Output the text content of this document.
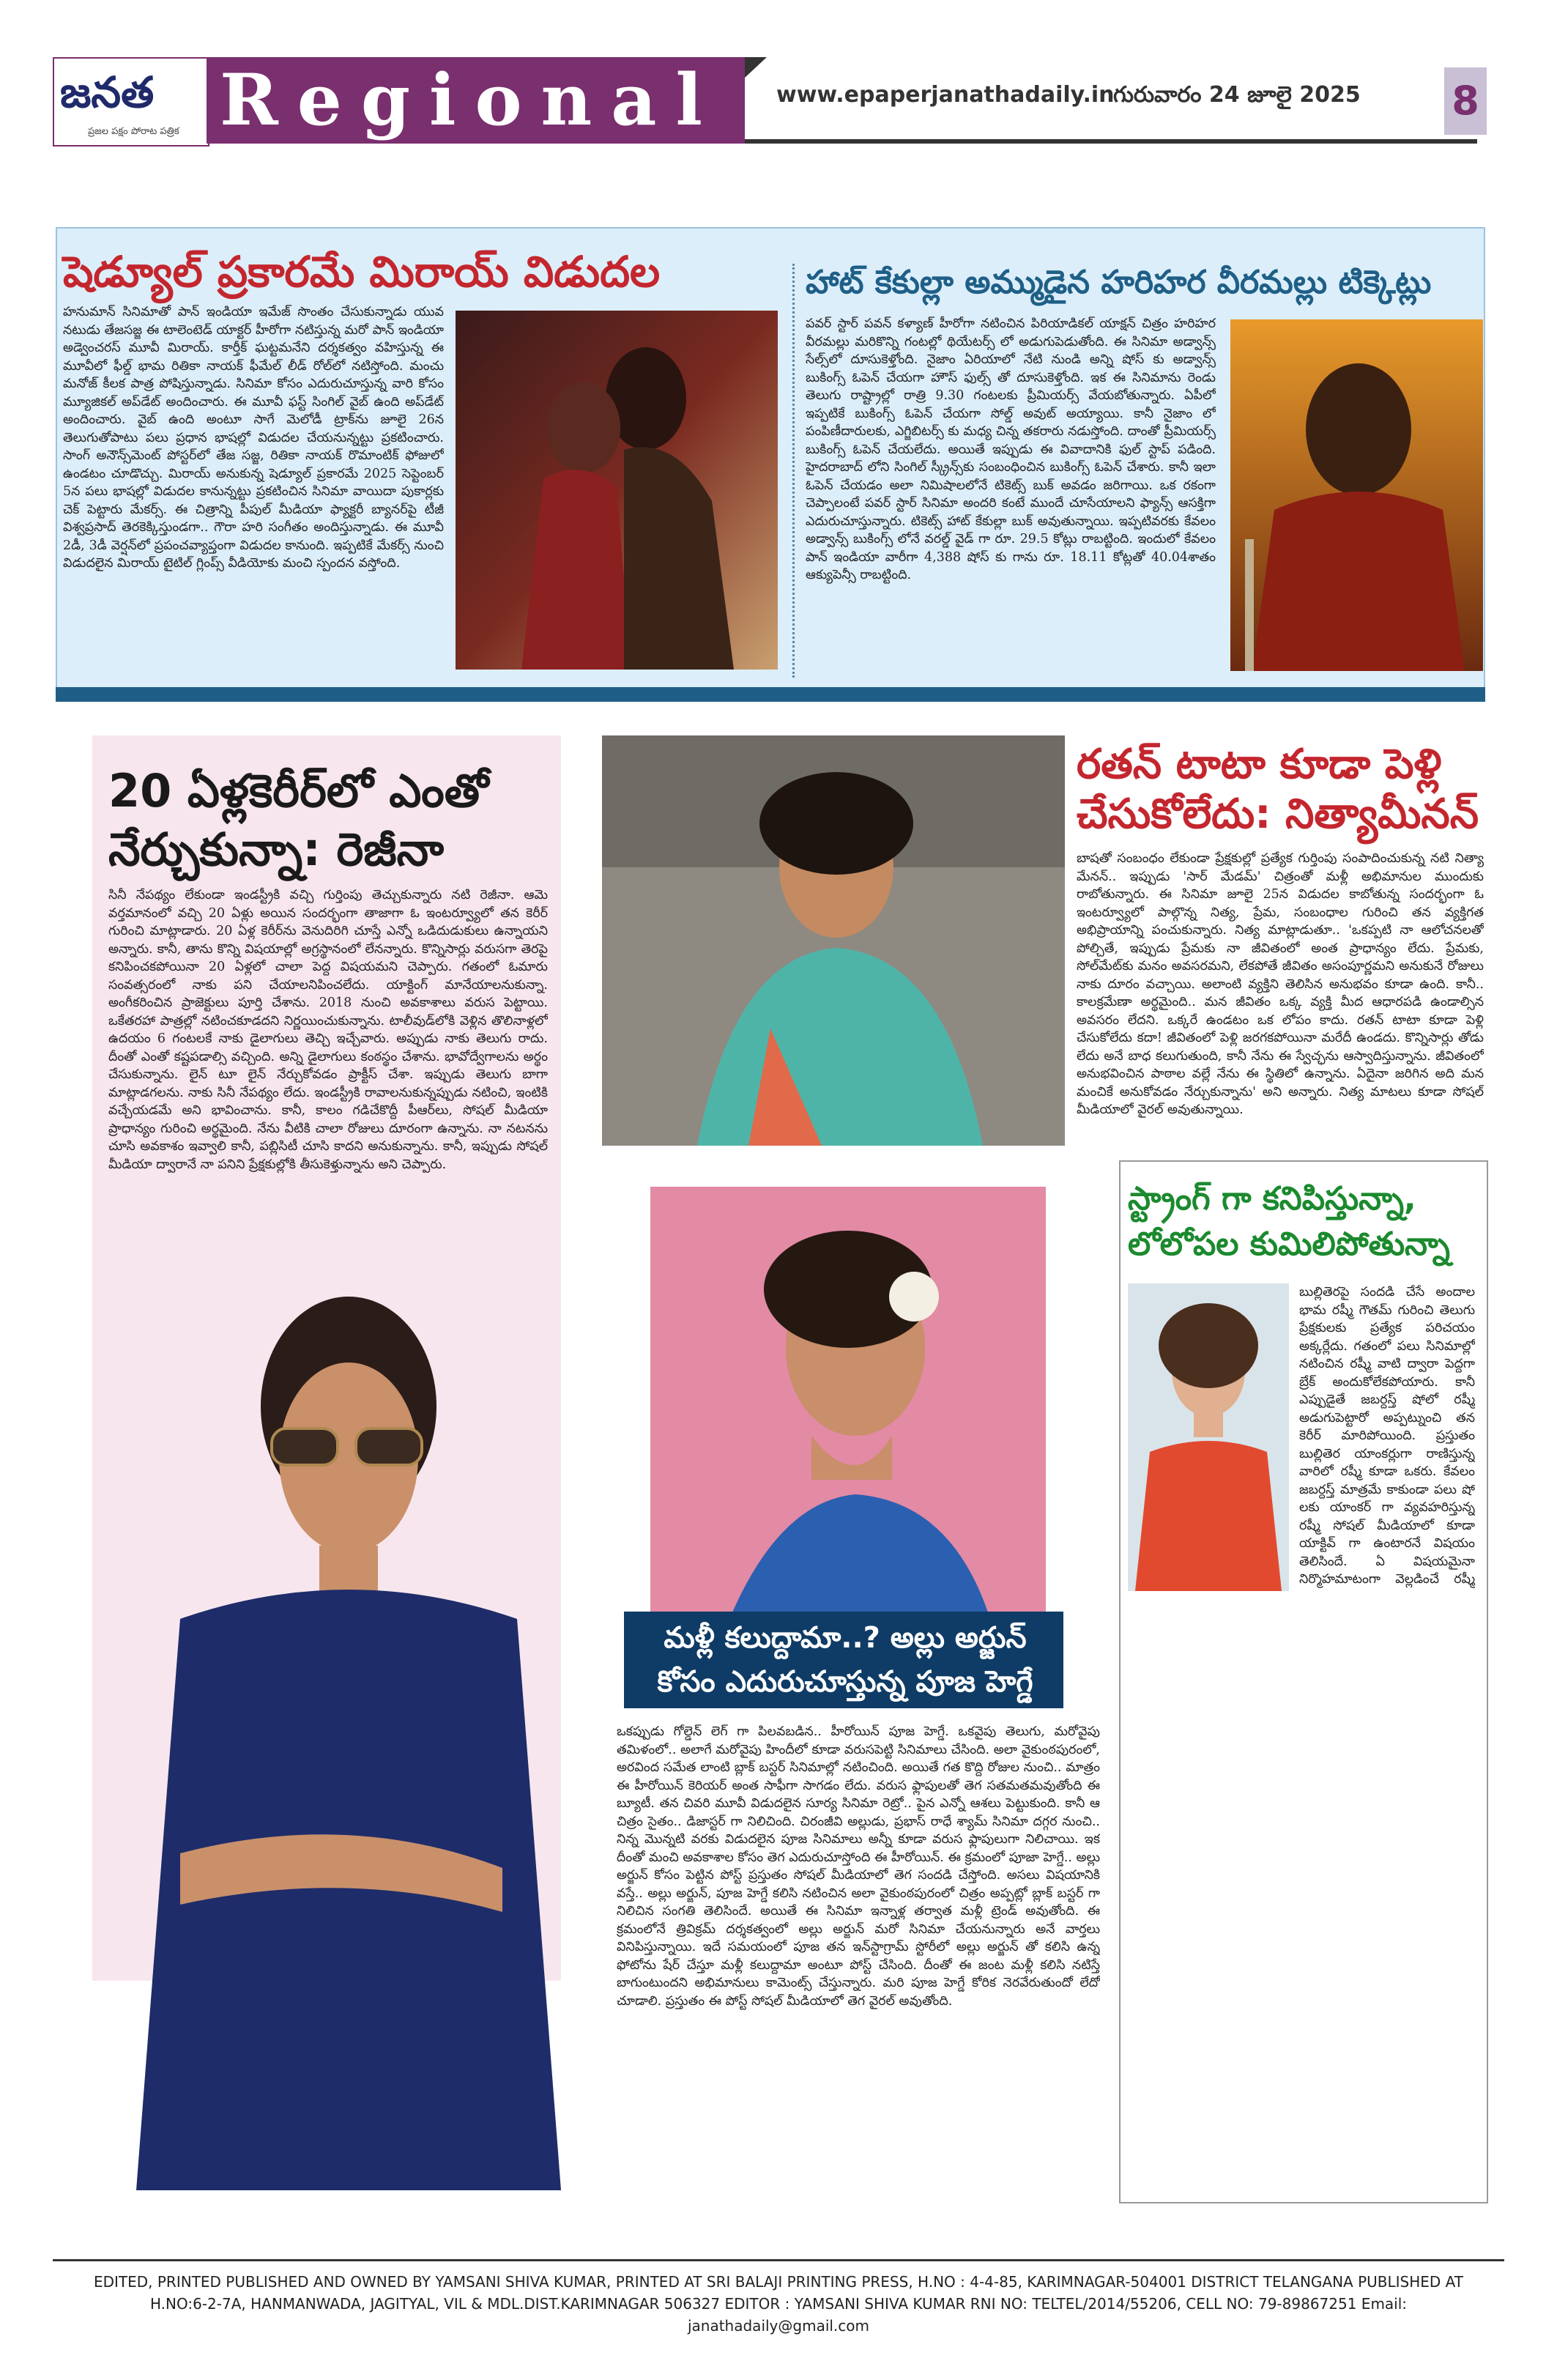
జనత
ప్రజల పక్షం పోరాట పత్రిక Regional	www.epaperjanathadaily.in
గురువారం 24 జూలై 2025 8
షెడ్యూల్ ప్రకారమే మిరాయ్ విడుదల
హనుమాన్ సినిమాతో పాన్ ఇండియా ఇమేజ్ సొంతం చేసుకున్నాడు యువ నటుడు తేజసజ్జ ఈ టాలెంటెడ్ యాక్టర్ హీరోగా నటిస్తున్న మరో పాన్ ఇండియా అడ్వెంచరస్ మూవీ మిరాయ్. కార్తీక్ ఘట్టమనేని దర్శకత్వం వహిస్తున్న ఈ మూవీలో ఫీల్డ్ భామ రితికా నాయక్ ఫీమేల్ లీడ్ రోల్‌లో నటిస్తోంది. మంచు మనోజ్ కీలక పాత్ర పోషిస్తున్నాడు. సినిమా కోసం ఎదురుచూస్తున్న వారి కోసం మ్యూజికల్ అప్‌డేట్ అందించారు. ఈ మూవీ ఫస్ట్ సింగిల్ వైబ్ ఉంది అప్‌డేట్ అందించారు. వైబ్ ఉంది అంటూ సాగే మెలోడీ ట్రాక్‌ను జూలై 26న తెలుగుతోపాటు పలు ప్రధాన భాషల్లో విడుదల చేయనున్నట్టు ప్రకటించారు. సాంగ్ అనౌన్స్‌మెంట్ పోస్టర్‌లో తేజ సజ్జ, రితికా నాయక్ రొమాంటిక్ ఫోజులో ఉండటం చూడొచ్చు. మిరాయ్ అనుకున్న షెడ్యూల్ ప్రకారమే 2025 సెప్టెంబర్ 5న పలు భాషల్లో విడుదల కానున్నట్టు ప్రకటించిన సినిమా వాయిదా పుకార్లకు చెక్ పెట్టారు మేకర్స్. ఈ చిత్రాన్ని పీపుల్ మీడియా ఫ్యాక్టరీ బ్యానర్‌పై టీజీ విశ్వప్రసాద్ తెరకెక్కిస్తుండగా.. గౌరా హరి సంగీతం అందిస్తున్నాడు. ఈ మూవీ 2డీ, 3డీ వెర్షన్‌లో ప్రపంచవ్యాప్తంగా విడుదల కానుంది. ఇప్పటికే మేకర్స్ నుంచి విడుదలైన మిరాయ్ టైటిల్ గ్లింప్స్ వీడియోకు మంచి స్పందన వస్తోంది.
హాట్ కేకుల్లా అమ్ముడైన హరిహర వీరమల్లు టిక్కెట్లు
పవర్ స్టార్ పవన్ కళ్యాణ్ హీరోగా నటించిన పిరియాడికల్ యాక్షన్ చిత్రం హరిహర వీరమల్లు మరికొన్ని గంటల్లో థియేటర్స్ లో అడుగుపెడుతోంది. ఈ సినిమా అడ్వాన్స్ సేల్స్‌లో దూసుకెళ్తోంది. నైజాం ఏరియాలో నేటి నుండి అన్ని షోస్ కు అడ్వాన్స్ బుకింగ్స్ ఓపెన్ చేయగా హౌస్ ఫుల్స్ తో దూసుకెళ్తోంది. ఇక ఈ సినిమాను రెండు తెలుగు రాష్ట్రాల్లో రాత్రి 9.30 గంటలకు ప్రీమియర్స్ వేయబోతున్నారు. ఏపీలో ఇప్పటికే బుకింగ్స్ ఓపెన్ చేయగా సోల్డ్ అవుట్ అయ్యాయి. కానీ నైజాం లో పంపిణీదారులకు, ఎగ్జిబిటర్స్ కు మధ్య చిన్న తకరారు నడుస్తోంది. దాంతో ప్రీమియర్స్ బుకింగ్స్ ఓపెన్ చేయలేదు. అయితే ఇప్పుడు ఈ వివాదానికి ఫుల్ స్టాప్ పడింది. హైదరాబాద్ లోని సింగిల్ స్క్రీన్స్‌కు సంబంధించిన బుకింగ్స్ ఓపెన్ చేశారు. కానీ ఇలా ఓపెన్ చేయడం అలా నిమిషాలలోనే టికెట్స్ బుక్ అవడం జరిగాయి. ఒక రకంగా చెప్పాలంటే పవర్ స్టార్ సినిమా అందరి కంటే ముందే చూసేయాలని ఫ్యాన్స్ ఆసక్తిగా ఎదురుచూస్తున్నారు. టికెట్స్ హాట్ కేకుల్లా బుక్ అవుతున్నాయి. ఇప్పటివరకు కేవలం అడ్వాన్స్ బుకింగ్స్ లోనే వరల్డ్ వైడ్ గా రూ. 29.5 కోట్లు రాబట్టింది. ఇందులో కేవలం పాన్ ఇండియా వారీగా 4,388 షోస్ కు గాను రూ. 18.11 కోట్లతో 40.04శాతం ఆక్యుపెన్సీ రాబట్టింది.
20 ఏళ్లకెరీర్‌లో ఎంతో నేర్చుకున్నా: రెజీనా
సినీ నేపథ్యం లేకుండా ఇండస్ట్రీకి వచ్చి గుర్తింపు తెచ్చుకున్నారు నటి రెజీనా. ఆమె వర్తమానంలో వచ్చి 20 ఏళ్లు అయిన సందర్భంగా తాజాగా ఓ ఇంటర్వ్యూలో తన కెరీర్ గురించి మాట్లాడారు. 20 ఏళ్ల కెరీర్‌ను వెనుదిరిగి చూస్తే ఎన్నో ఒడిదుడుకులు ఉన్నాయని అన్నారు. కానీ, తాను కొన్ని విషయాల్లో అగ్రస్థానంలో లేనన్నారు. కొన్నిసార్లు వరుసగా తెరపై కనిపించకపోయినా 20 ఏళ్లలో చాలా పెద్ద విషయమని చెప్పారు. గతంలో ఓమారు సంవత్సరంలో నాకు పని చేయాలనిపించలేదు. యాక్టింగ్ మానేయాలనుకున్నా. అంగీకరించిన ప్రాజెక్టులు పూర్తి చేశాను. 2018 నుంచి అవకాశాలు వరుస పెట్టాయి. ఒకేతరహా పాత్రల్లో నటించకూడదని నిర్ణయించుకున్నాను. టాలీవుడ్‌లోకి వెళ్లిన తొలినాళ్లలో ఉదయం 6 గంటలకే నాకు డైలాగులు తెచ్చి ఇచ్చేవారు. అప్పుడు నాకు తెలుగు రాదు. దీంతో ఎంతో కష్టపడాల్సి వచ్చింది. అన్ని డైలాగులు కంఠస్థం చేశాను. భావోద్వేగాలను అర్థం చేసుకున్నాను. లైన్ టూ లైన్ నేర్చుకోవడం ప్రాక్టీస్ చేశా. ఇప్పుడు తెలుగు బాగా మాట్లాడగలను. నాకు సినీ నేపథ్యం లేదు. ఇండస్ట్రీకి రావాలనుకున్నప్పుడు నటించి, ఇంటికి వచ్చేయడమే అని భావించాను. కానీ, కాలం గడిచేకొద్దీ పీఆర్‌లు, సోషల్ మీడియా ప్రాధాన్యం గురించి అర్థమైంది. నేను వీటికి చాలా రోజులు దూరంగా ఉన్నాను. నా నటనను చూసి అవకాశం ఇవ్వాలి కానీ, పబ్లిసిటీ చూసి కాదని అనుకున్నాను. కానీ, ఇప్పుడు సోషల్ మీడియా ద్వారానే నా పనిని ప్రేక్షకుల్లోకి తీసుకెళ్తున్నాను అని చెప్పారు.
రతన్ టాటా కూడా పెళ్లి చేసుకోలేదు: నిత్యామీనన్
బాషతో సంబంధం లేకుండా ప్రేక్షకుల్లో ప్రత్యేక గుర్తింపు సంపాదించుకున్న నటి నిత్యా మేనన్.. ఇప్పుడు 'సార్ మేడమ్' చిత్రంతో మళ్లీ అభిమానుల ముందుకు రాబోతున్నారు. ఈ సినిమా జూలై 25న విడుదల కాబోతున్న సందర్భంగా ఓ ఇంటర్వ్యూలో పాల్గొన్న నిత్య, ప్రేమ, సంబంధాల గురించి తన వ్యక్తిగత అభిప్రాయాన్ని పంచుకున్నారు. నిత్య మాట్లాడుతూ.. 'ఒకప్పటి నా ఆలోచనలతో పోల్చితే, ఇప్పుడు ప్రేమకు నా జీవితంలో అంత ప్రాధాన్యం లేదు. ప్రేమకు, సోల్‌మేట్‌కు మనం అవసరమని, లేకపోతే జీవితం అసంపూర్ణమని అనుకునే రోజులు నాకు దూరం వచ్చాయి. అలాంటి వ్యక్తిని తెలిసిన అనుభవం కూడా ఉంది. కానీ.. కాలక్రమేణా అర్థమైంది.. మన జీవితం ఒక్క వ్యక్తి మీద ఆధారపడి ఉండాల్సిన అవసరం లేదని. ఒక్కరే ఉండటం ఒక లోపం కాదు. రతన్ టాటా కూడా పెళ్లి చేసుకోలేదు కదా! జీవితంలో పెళ్లి జరగకపోయినా మరేదీ ఉండదు. కొన్నిసార్లు తోడు లేదు అనే బాధ కలుగుతుంది, కానీ నేను ఈ స్వేచ్ఛను ఆస్వాదిస్తున్నాను. జీవితంలో అనుభవించిన పాఠాల వల్లే నేను ఈ స్థితిలో ఉన్నాను. ఏదైనా జరిగిన అది మన మంచికే అనుకోవడం నేర్చుకున్నాను' అని అన్నారు. నిత్య మాటలు కూడా సోషల్ మీడియాలో వైరల్ అవుతున్నాయి.
మళ్లీ కలుద్దామా..? అల్లు అర్జున్ కోసం ఎదురుచూస్తున్న పూజ హెగ్డే
ఒకప్పుడు గోల్డెన్ లెగ్ గా పిలవబడిన.. హీరోయిన్ పూజ హెగ్డే. ఒకవైపు తెలుగు, మరోవైపు తమిళంలో.. అలాగే మరోవైపు హిందీలో కూడా వరుసపెట్టి సినిమాలు చేసింది. అలా వైకుంఠపురంలో, అరవింద సమేత లాంటి బ్లాక్ బస్టర్ సినిమాల్లో నటించింది. అయితే గత కొద్ది రోజుల నుంచి.. మాత్రం ఈ హీరోయిన్ కెరియర్ అంత సాఫీగా సాగడం లేదు. వరుస ఫ్లాపులతో తెగ సతమతమవుతోంది ఈ బ్యూటీ. తన చివరి మూవీ విడుదలైన సూర్య సినిమా రెట్రో.. పైన ఎన్నో ఆశలు పెట్టుకుంది. కానీ ఆ చిత్రం సైతం.. డిజాస్టర్ గా నిలిచింది. చిరంజీవి అల్లుడు, ప్రభాస్ రాధే శ్యామ్ సినిమా దగ్గర నుంచి.. నిన్న మొన్నటి వరకు విడుదలైన పూజ సినిమాలు అన్నీ కూడా వరుస ఫ్లాపులుగా నిలిచాయి. ఇక దీంతో మంచి అవకాశాల కోసం తెగ ఎదురుచూస్తోంది ఈ హీరోయిన్. ఈ క్రమంలో పూజా హెగ్డే.. అల్లు అర్జున్ కోసం పెట్టిన పోస్ట్ ప్రస్తుతం సోషల్ మీడియాలో తెగ సందడి చేస్తోంది. అసలు విషయానికి వస్తే.. అల్లు అర్జున్, పూజ హెగ్డే కలిసి నటించిన అలా వైకుంఠపురంలో చిత్రం అప్పట్లో బ్లాక్ బస్టర్ గా నిలిచిన సంగతి తెలిసిందే. అయితే ఈ సినిమా ఇన్నాళ్ల తర్వాత మళ్లీ ట్రెండ్ అవుతోంది. ఈ క్రమంలోనే త్రివిక్రమ్ దర్శకత్వంలో అల్లు అర్జున్ మరో సినిమా చేయనున్నారు అనే వార్తలు వినిపిస్తున్నాయి. ఇదే సమయంలో పూజ తన ఇన్‌స్టాగ్రామ్ స్టోరీలో అల్లు అర్జున్ తో కలిసి ఉన్న ఫోటోను షేర్ చేస్తూ మళ్లీ కలుద్దామా అంటూ పోస్ట్ చేసింది. దీంతో ఈ జంట మళ్లీ కలిసి నటిస్తే బాగుంటుందని అభిమానులు కామెంట్స్ చేస్తున్నారు. మరి పూజ హెగ్డే కోరిక నెరవేరుతుందో లేదో చూడాలి. ప్రస్తుతం ఈ పోస్ట్ సోషల్ మీడియాలో తెగ వైరల్ అవుతోంది.
స్ట్రాంగ్ గా కనిపిస్తున్నా, లోలోపల కుమిలిపోతున్నా
బుల్లితెరపై సందడి చేసే అందాల భామ రష్మీ గౌతమ్ గురించి తెలుగు ప్రేక్షకులకు ప్రత్యేక పరిచయం అక్కర్లేదు. గతంలో పలు సినిమాల్లో నటించిన రష్మీ వాటి ద్వారా పెద్దగా బ్రేక్ అందుకోలేకపోయారు. కానీ ఎప్పుడైతే జబర్దస్త్ షోలో రష్మీ అడుగుపెట్టారో అప్పట్నుంచి తన కెరీర్ మారిపోయింది. ప్రస్తుతం బుల్లితెర యాంకర్లుగా రాణిస్తున్న వారిలో రష్మీ కూడా ఒకరు. కేవలం జబర్దస్త్ మాత్రమే కాకుండా పలు షో లకు యాంకర్ గా వ్యవహరిస్తున్న రష్మీ సోషల్ మీడియాలో కూడా యాక్టివ్ గా ఉంటారనే విషయం తెలిసిందే. ఏ విషయమైనా నిర్మొహమాటంగా వెల్లడించే రష్మీ
EDITED, PRINTED PUBLISHED AND OWNED BY YAMSANI SHIVA KUMAR, PRINTED AT SRI BALAJI PRINTING PRESS, H.NO : 4-4-85, KARIMNAGAR-504001 DISTRICT TELANGANA PUBLISHED AT
H.NO:6-2-7A, HANMANWADA, JAGITYAL, VIL & MDL.DIST.KARIMNAGAR 506327 EDITOR : YAMSANI SHIVA KUMAR RNI NO: TELTEL/2014/55206, CELL NO: 79-89867251 Email: janathadaily@gmail.com
